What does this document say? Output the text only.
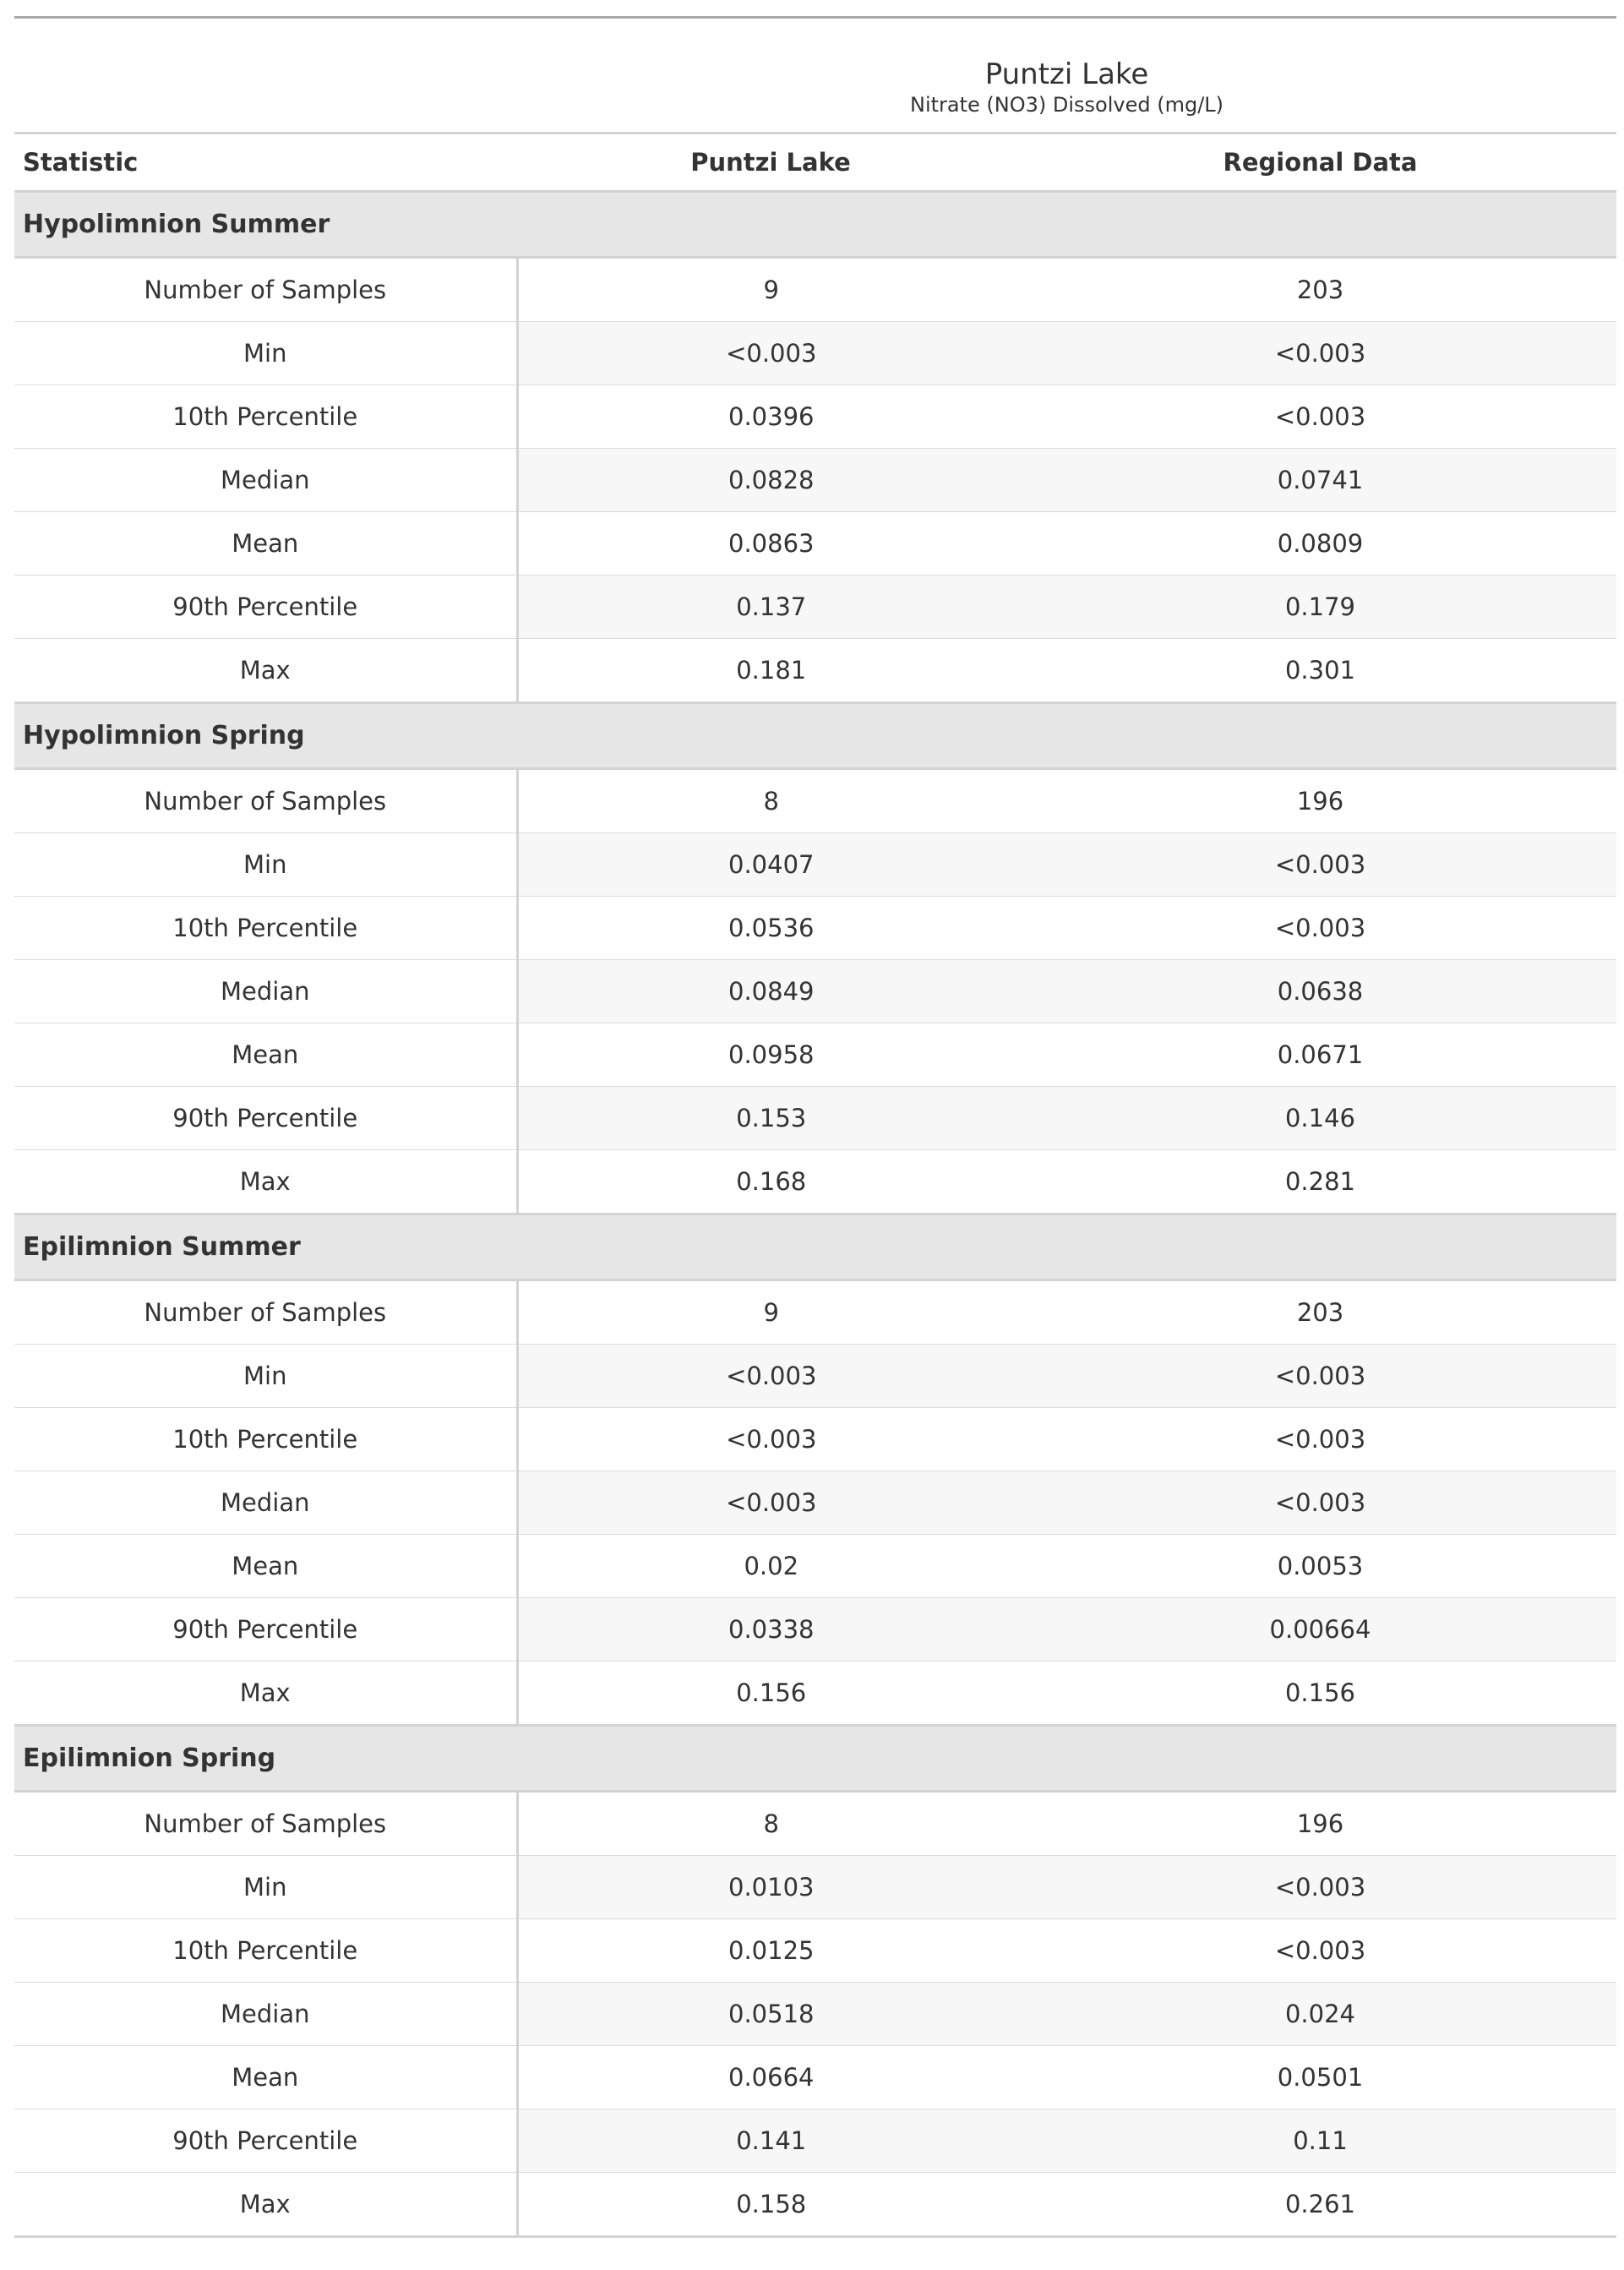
	Puntzi Lake	
	Nitrate (NO3) Dissolved (mg/L)	
Statistic	Puntzi Lake	Regional Data
Hypolimnion Summer		
Number of Samples	9	203
Min	<0.003	<0.003
10th Percentile	0.0396	<0.003
Median	0.0828	0.0741
Mean	0.0863	0.0809
90th Percentile	0.137	0.179
Max	0.181	0.301
Hypolimnion Spring		
Number of Samples	8	196
Min	0.0407	<0.003
10th Percentile	0.0536	<0.003
Median	0.0849	0.0638
Mean	0.0958	0.0671
90th Percentile	0.153	0.146
Max	0.168	0.281
Epilimnion Summer		
Number of Samples	9	203
Min	<0.003	<0.003
10th Percentile	<0.003	<0.003
Median	<0.003	<0.003
Mean	0.02	0.0053
90th Percentile	0.0338	0.00664
Max	0.156	0.156
Epilimnion Spring		
Number of Samples	8	196
Min	0.0103	<0.003
10th Percentile	0.0125	<0.003
Median	0.0518	0.024
Mean	0.0664	0.0501
90th Percentile	0.141	0.11
Max	0.158	0.261
